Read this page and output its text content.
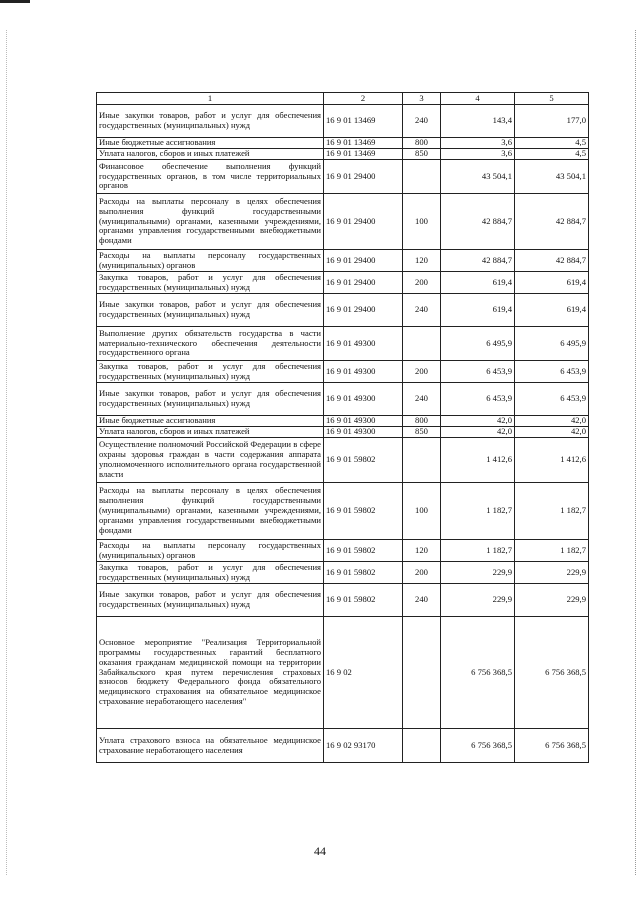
1	2	3	4	5
Иные закупки товаров, работ и услуг для обеспечения государственных (муниципальных) нужд	16 9 01 13469	240	143,4	177,0
Иные бюджетные ассигнования	16 9 01 13469	800	3,6	4,5
Уплата налогов, сборов и иных платежей	16 9 01 13469	850	3,6	4,5
Финансовое обеспечение выполнения функций государственных органов, в том числе территориальных органов	16 9 01 29400		43 504,1	43 504,1
Расходы на выплаты персоналу в целях обеспечения выполнения функций государственными (муниципальными) органами, казенными учреждениями, органами управления государственными внебюджетными фондами	16 9 01 29400	100	42 884,7	42 884,7
Расходы на выплаты персоналу государственных (муниципальных) органов	16 9 01 29400	120	42 884,7	42 884,7
Закупка товаров, работ и услуг для обеспечения государственных (муниципальных) нужд	16 9 01 29400	200	619,4	619,4
Иные закупки товаров, работ и услуг для обеспечения государственных (муниципальных) нужд	16 9 01 29400	240	619,4	619,4
Выполнение других обязательств государства в части материально-технического обеспечения деятельности государственного органа	16 9 01 49300		6 495,9	6 495,9
Закупка товаров, работ и услуг для обеспечения государственных (муниципальных) нужд	16 9 01 49300	200	6 453,9	6 453,9
Иные закупки товаров, работ и услуг для обеспечения государственных (муниципальных) нужд	16 9 01 49300	240	6 453,9	6 453,9
Иные бюджетные ассигнования	16 9 01 49300	800	42,0	42,0
Уплата налогов, сборов и иных платежей	16 9 01 49300	850	42,0	42,0
Осуществление полномочий Российской Федерации в сфере охраны здоровья граждан в части содержания аппарата уполномоченного исполнительного органа государственной власти	16 9 01 59802		1 412,6	1 412,6
Расходы на выплаты персоналу в целях обеспечения выполнения функций государственными (муниципальными) органами, казенными учреждениями, органами управления государственными внебюджетными фондами	16 9 01 59802	100	1 182,7	1 182,7
Расходы на выплаты персоналу государственных (муниципальных) органов	16 9 01 59802	120	1 182,7	1 182,7
Закупка товаров, работ и услуг для обеспечения государственных (муниципальных) нужд	16 9 01 59802	200	229,9	229,9
Иные закупки товаров, работ и услуг для обеспечения государственных (муниципальных) нужд	16 9 01 59802	240	229,9	229,9
Основное мероприятие "Реализация Территориальной программы государственных гарантий бесплатного оказания гражданам медицинской помощи на территории Забайкальского края путем перечисления страховых взносов бюджету Федерального фонда обязательного медицинского страхования на обязательное медицинское страхование неработающего населения"	16 9 02		6 756 368,5	6 756 368,5
Уплата страхового взноса на обязательное медицинское страхование неработающего населения	16 9 02 93170		6 756 368,5	6 756 368,5
44
